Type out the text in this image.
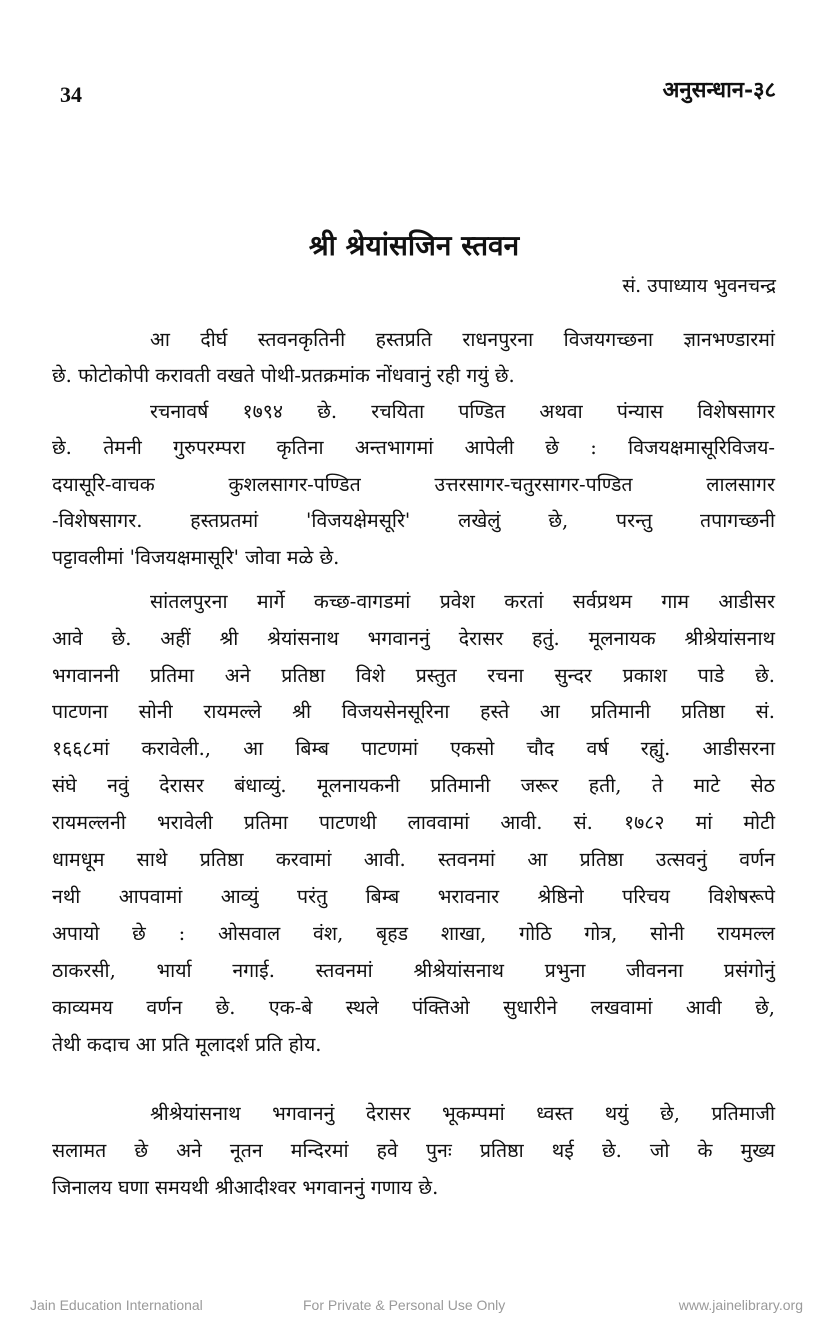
34	अनुसन्धान-३८
श्री श्रेयांसजिन स्तवन
सं. उपाध्याय भुवनचन्द्र
आ दीर्घ स्तवनकृतिनी हस्तप्रति राधनपुरना विजयगच्छना ज्ञानभण्डारमां
छे. फोटोकोपी करावती वखते पोथी-प्रतक्रमांक नोंधवानुं रही गयुं छे.
रचनावर्ष १७९४ छे. रचयिता पण्डित अथवा पंन्यास विशेषसागर
छे. तेमनी गुरुपरम्परा कृतिना अन्तभागमां आपेली छे : विजयक्षमासूरिविजय-
दयासूरि-वाचक कुशलसागर-पण्डित उत्तरसागर-चतुरसागर-पण्डित लालसागर
-विशेषसागर. हस्तप्रतमां 'विजयक्षेमसूरि' लखेलुं छे, परन्तु तपागच्छनी
पट्टावलीमां 'विजयक्षमासूरि' जोवा मळे छे.
सांतलपुरना मार्गे कच्छ-वागडमां प्रवेश करतां सर्वप्रथम गाम आडीसर
आवे छे. अहीं श्री श्रेयांसनाथ भगवाननुं देरासर हतुं. मूलनायक श्रीश्रेयांसनाथ
भगवाननी प्रतिमा अने प्रतिष्ठा विशे प्रस्तुत रचना सुन्दर प्रकाश पाडे छे.
पाटणना सोनी रायमल्ले श्री विजयसेनसूरिना हस्ते आ प्रतिमानी प्रतिष्ठा सं.
१६६८मां करावेली., आ बिम्ब पाटणमां एकसो चौद वर्ष रह्युं. आडीसरना
संघे नवुं देरासर बंधाव्युं. मूलनायकनी प्रतिमानी जरूर हती, ते माटे सेठ
रायमल्लनी भरावेली प्रतिमा पाटणथी लाववामां आवी. सं. १७८२ मां मोटी
धामधूम साथे प्रतिष्ठा करवामां आवी. स्तवनमां आ प्रतिष्ठा उत्सवनुं वर्णन
नथी आपवामां आव्युं परंतु बिम्ब भरावनार श्रेष्ठिनो परिचय विशेषरूपे
अपायो छे : ओसवाल वंश, बृहड शाखा, गोठि गोत्र, सोनी रायमल्ल
ठाकरसी, भार्या नगाई. स्तवनमां श्रीश्रेयांसनाथ प्रभुना जीवनना प्रसंगोनुं
काव्यमय वर्णन छे. एक-बे स्थले पंक्तिओ सुधारीने लखवामां आवी छे,
तेथी कदाच आ प्रति मूलादर्श प्रति होय.
श्रीश्रेयांसनाथ भगवाननुं देरासर भूकम्पमां ध्वस्त थयुं छे, प्रतिमाजी
सलामत छे अने नूतन मन्दिरमां हवे पुनः प्रतिष्ठा थई छे. जो के मुख्य
जिनालय घणा समयथी श्रीआदीश्वर भगवाननुं गणाय छे.
Jain Education International	For Private & Personal Use Only	www.jainelibrary.org
